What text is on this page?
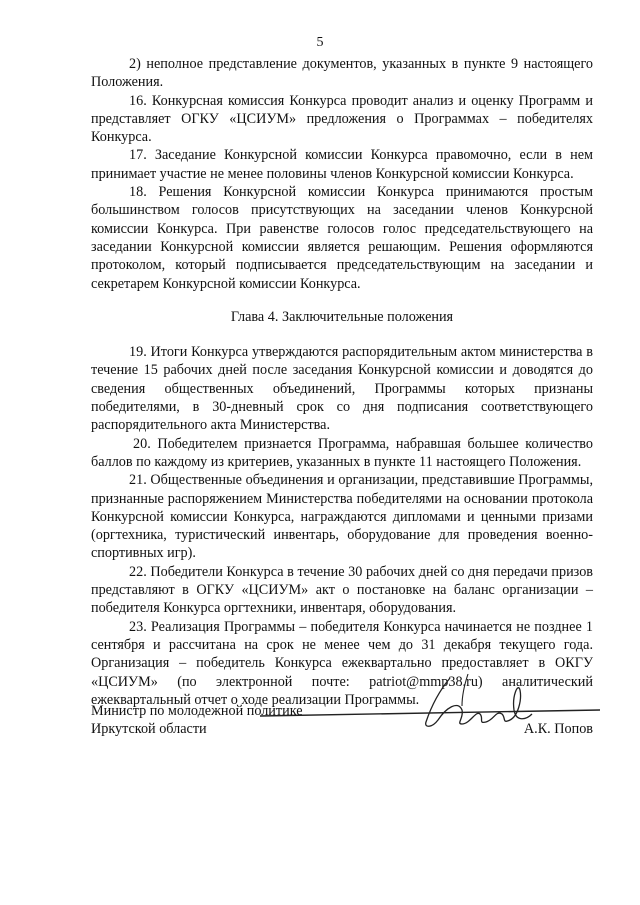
5

2) неполное представление документов, указанных в пункте 9 настоящего Положения.

16. Конкурсная комиссия Конкурса проводит анализ и оценку Программ и представляет ОГКУ «ЦСИУМ» предложения о Программах – победителях Конкурса.

17. Заседание Конкурсной комиссии Конкурса правомочно, если в нем принимает участие не менее половины членов Конкурсной комиссии Конкурса.

18. Решения Конкурсной комиссии Конкурса принимаются простым большинством голосов присутствующих на заседании членов Конкурсной комиссии Конкурса. При равенстве голосов голос председательствующего на заседании Конкурсной комиссии является решающим. Решения оформляются протоколом, который подписывается председательствующим на заседании и секретарем Конкурсной комиссии Конкурса.

Глава 4. Заключительные положения

19. Итоги Конкурса утверждаются распорядительным актом министерства в течение 15 рабочих дней после заседания Конкурсной комиссии и доводятся до сведения общественных объединений, Программы которых признаны победителями, в 30-дневный срок со дня подписания соответствующего распорядительного акта Министерства.

20. Победителем признается Программа, набравшая большее количество баллов по каждому из критериев, указанных в пункте 11 настоящего Положения.

21. Общественные объединения и организации, представившие Программы, признанные распоряжением Министерства победителями на основании протокола Конкурсной комиссии Конкурса, награждаются дипломами и ценными призами (оргтехника, туристический инвентарь, оборудование для проведения военно-спортивных игр).

22. Победители Конкурса в течение 30 рабочих дней со дня передачи призов представляют в ОГКУ «ЦСИУМ» акт о постановке на баланс организации – победителя Конкурса оргтехники, инвентаря, оборудования.

23. Реализация Программы – победителя Конкурса начинается не позднее 1 сентября и рассчитана на срок не менее чем до 31 декабря текущего года. Организация – победитель Конкурса ежеквартально предоставляет в ОКГУ «ЦСИУМ» (по электронной почте: patriot@mmp38.ru) аналитический ежеквартальный отчет о ходе реализации Программы.

Министр по молодежной политике
Иркутской области	А.К. Попов
